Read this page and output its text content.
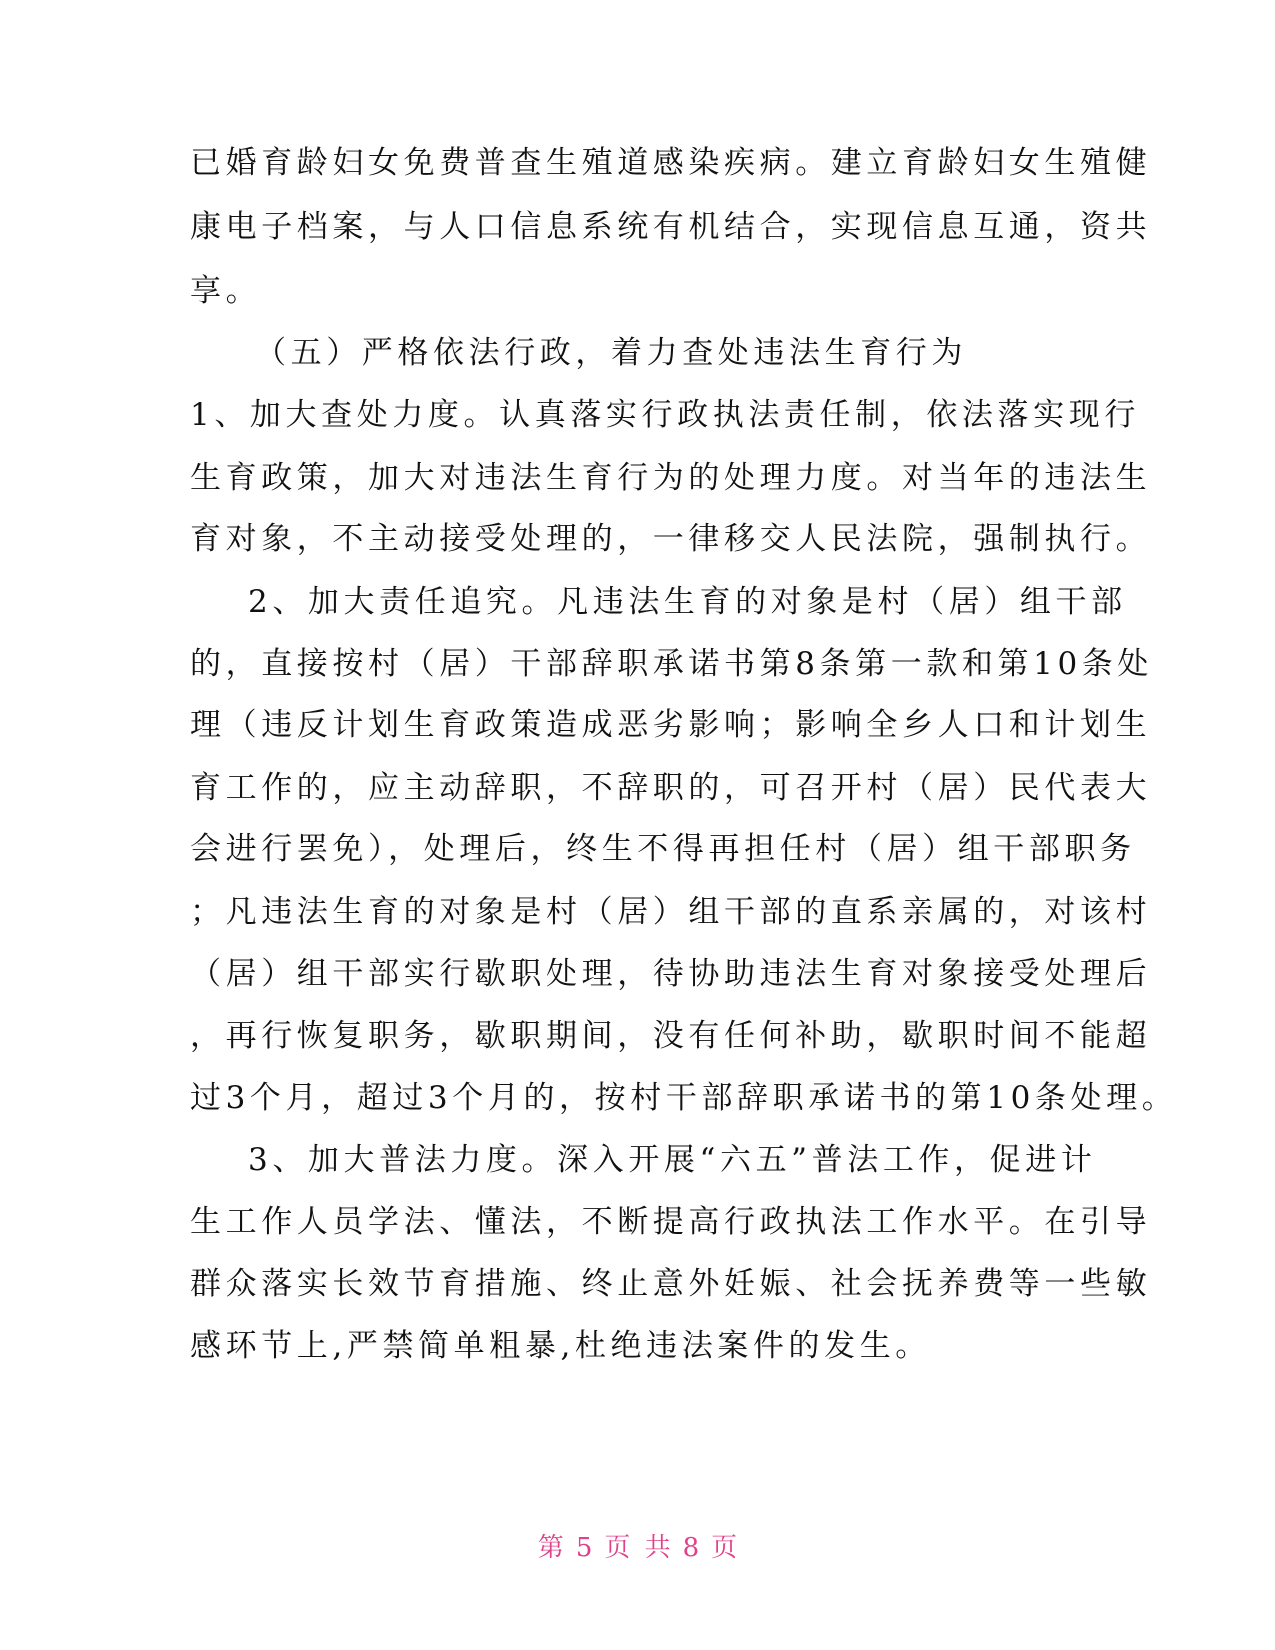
已婚育龄妇女免费普查生殖道感染疾病。建立育龄妇女生殖健
康电子档案，与人口信息系统有机结合，实现信息互通，资共
享。
（五）严格依法行政，着力查处违法生育行为
1、加大查处力度。认真落实行政执法责任制，依法落实现行
生育政策，加大对违法生育行为的处理力度。对当年的违法生
育对象，不主动接受处理的，一律移交人民法院，强制执行。
2、加大责任追究。凡违法生育的对象是村（居）组干部
的，直接按村（居）干部辞职承诺书第8条第一款和第10条处
理（违反计划生育政策造成恶劣影响；影响全乡人口和计划生
育工作的，应主动辞职，不辞职的，可召开村（居）民代表大
会进行罢免），处理后，终生不得再担任村（居）组干部职务
；凡违法生育的对象是村（居）组干部的直系亲属的，对该村
（居）组干部实行歇职处理，待协助违法生育对象接受处理后
，再行恢复职务，歇职期间，没有任何补助，歇职时间不能超
过3个月，超过3个月的，按村干部辞职承诺书的第10条处理。
3、加大普法力度。深入开展“六五”普法工作，促进计
生工作人员学法、懂法，不断提高行政执法工作水平。在引导
群众落实长效节育措施、终止意外妊娠、社会抚养费等一些敏
感环节上,严禁简单粗暴,杜绝违法案件的发生。
第 5 页 共 8 页
